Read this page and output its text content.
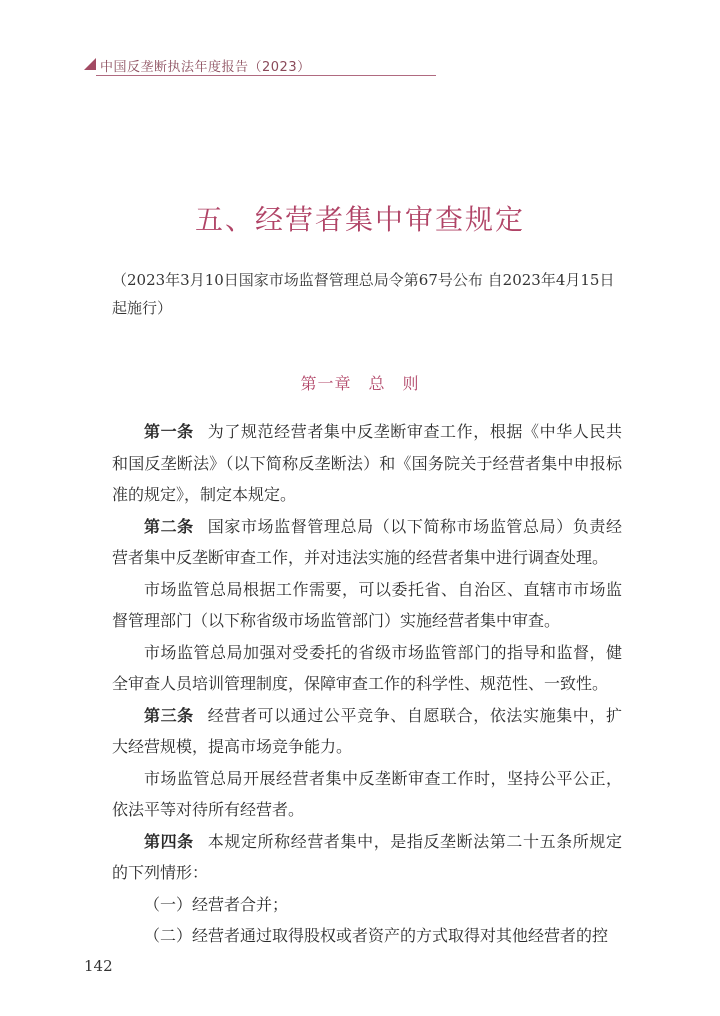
中国反垄断执法年度报告（2023）
五、经营者集中审查规定
（2023年3月10日国家市场监督管理总局令第67号公布 自2023年4月15日起施行）
第一章　总　则

第一条 为了规范经营者集中反垄断审查工作，根据《中华人民共和国反垄断法》（以下简称反垄断法）和《国务院关于经营者集中申报标准的规定》，制定本规定。

第二条 国家市场监督管理总局（以下简称市场监管总局）负责经营者集中反垄断审查工作，并对违法实施的经营者集中进行调查处理。

市场监管总局根据工作需要，可以委托省、自治区、直辖市市场监督管理部门（以下称省级市场监管部门）实施经营者集中审查。

市场监管总局加强对受委托的省级市场监管部门的指导和监督，健全审查人员培训管理制度，保障审查工作的科学性、规范性、一致性。

第三条 经营者可以通过公平竞争、自愿联合，依法实施集中，扩大经营规模，提高市场竞争能力。

市场监管总局开展经营者集中反垄断审查工作时，坚持公平公正，依法平等对待所有经营者。

第四条 本规定所称经营者集中，是指反垄断法第二十五条所规定的下列情形：

（一）经营者合并；

（二）经营者通过取得股权或者资产的方式取得对其他经营者的控

142
